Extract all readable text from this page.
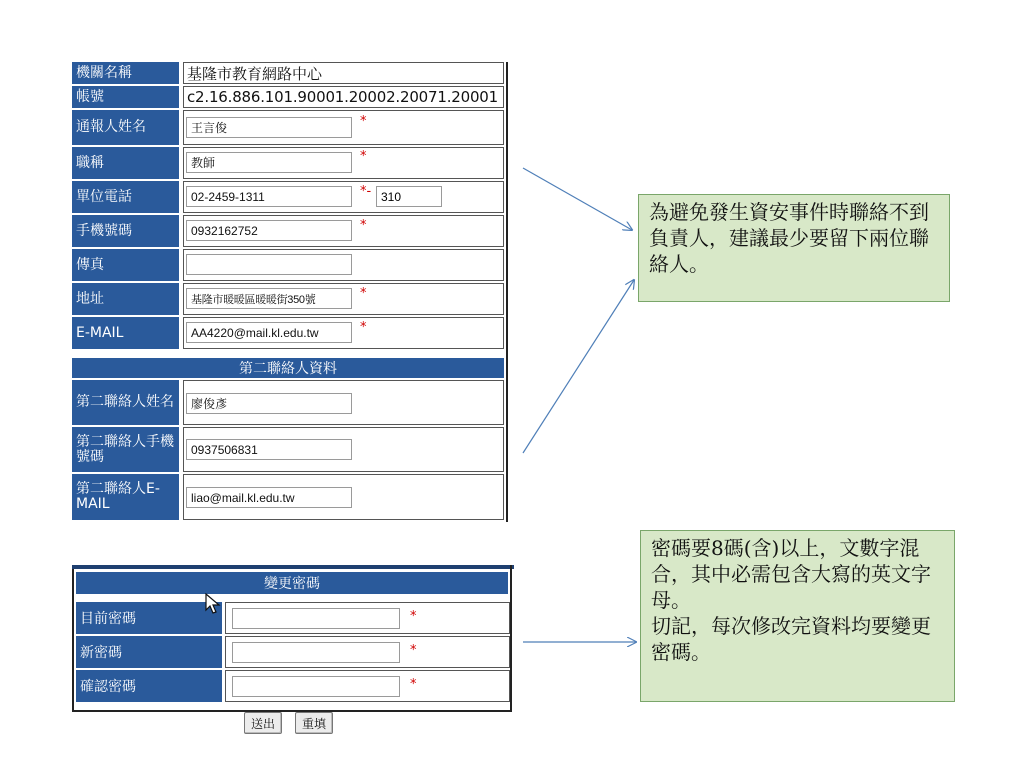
機關名稱	基隆市教育網路中心
帳號	c2.16.886.101.90001.20002.20071.20001
通報人姓名	王言俊	*
職稱	教師	*
單位電話	02-2459-1311	*- 310
手機號碼	0932162752	*
傳真
地址	基隆市暖暖區暖暖街350號	*
E-MAIL	AA4220@mail.kl.edu.tw	*
第二聯絡人資料
第二聯絡人姓名	廖俊彥
第二聯絡人手機號碼	0937506831
第二聯絡人E-MAIL	liao@mail.kl.edu.tw
變更密碼
目前密碼	*
新密碼	*
確認密碼	*
送出	重填
為避免發生資安事件時聯絡不到負責人，建議最少要留下兩位聯絡人。
密碼要8碼(含)以上，文數字混合，其中必需包含大寫的英文字母。
切記，每次修改完資料均要變更密碼。
